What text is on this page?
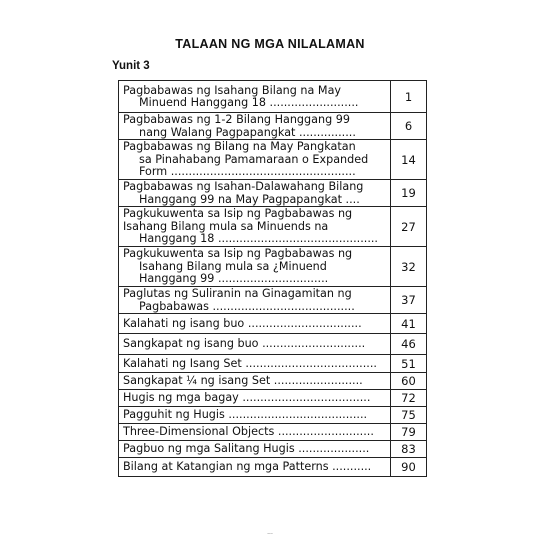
TALAAN NG MGA NILALAMAN
Yunit 3
Pagbabawas ng Isahang Bilang na May
Minuend Hanggang 18 .........................	1

Pagbabawas ng 1-2 Bilang Hanggang 99
nang Walang Pagpapangkat ................	6

Pagbabawas ng Bilang na May Pangkatan
sa Pinahabang Pamamaraan o Expanded
Form ....................................................	14

Pagbabawas ng Isahan-Dalawahang Bilang
Hanggang 99 na May Pagpapangkat ....	19

Pagkukuwenta sa Isip ng Pagbabawas ng
Isahang Bilang mula sa Minuends na
Hanggang 18 .............................................	27

Pagkukuwenta sa Isip ng Pagbabawas ng
Isahang Bilang mula sa ¿Minuend
Hanggang 99 ...............................	32

Paglutas ng Suliranin na Ginagamitan ng
Pagbabawas ........................................	37

Kalahati ng isang buo ................................	41

Sangkapat ng isang buo .............................	46

Kalahati ng Isang Set .....................................	51

Sangkapat ¼ ng isang Set .........................	60

Hugis ng mga bagay ....................................	72

Pagguhit ng Hugis .......................................	75

Three-Dimensional Objects ...........................	79

Pagbuo ng mga Salitang Hugis ....................	83

Bilang at Katangian ng mga Patterns ...........	90
...
